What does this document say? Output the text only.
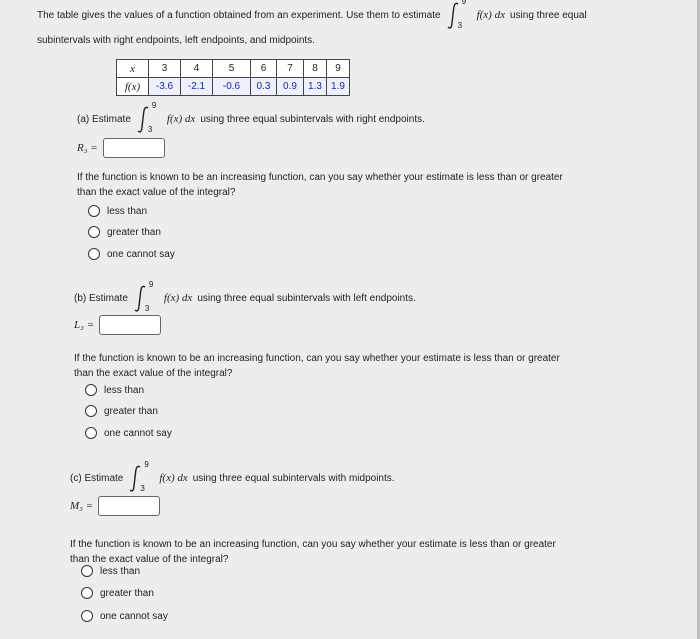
The table gives the values of a function obtained from an experiment. Use them to estimate
9
3
f(x) dx using three equal
subintervals with right endpoints, left endpoints, and midpoints.
x	3	4	5	6	7	8	9
f(x)	-3.6	-2.1	-0.6	0.3	0.9	1.3	1.9
(a) Estimate
9
3
f(x) dx using three equal subintervals with right endpoints.
R₃ =
If the function is known to be an increasing function, can you say whether your estimate is less than or greater
than the exact value of the integral?
less than
greater than
one cannot say
(b) Estimate
9
3
f(x) dx using three equal subintervals with left endpoints.
L₃ =
If the function is known to be an increasing function, can you say whether your estimate is less than or greater
than the exact value of the integral?
less than
greater than
one cannot say
(c) Estimate
9
3
f(x) dx using three equal subintervals with midpoints.
M₃ =
If the function is known to be an increasing function, can you say whether your estimate is less than or greater
than the exact value of the integral?
less than
greater than
one cannot say
